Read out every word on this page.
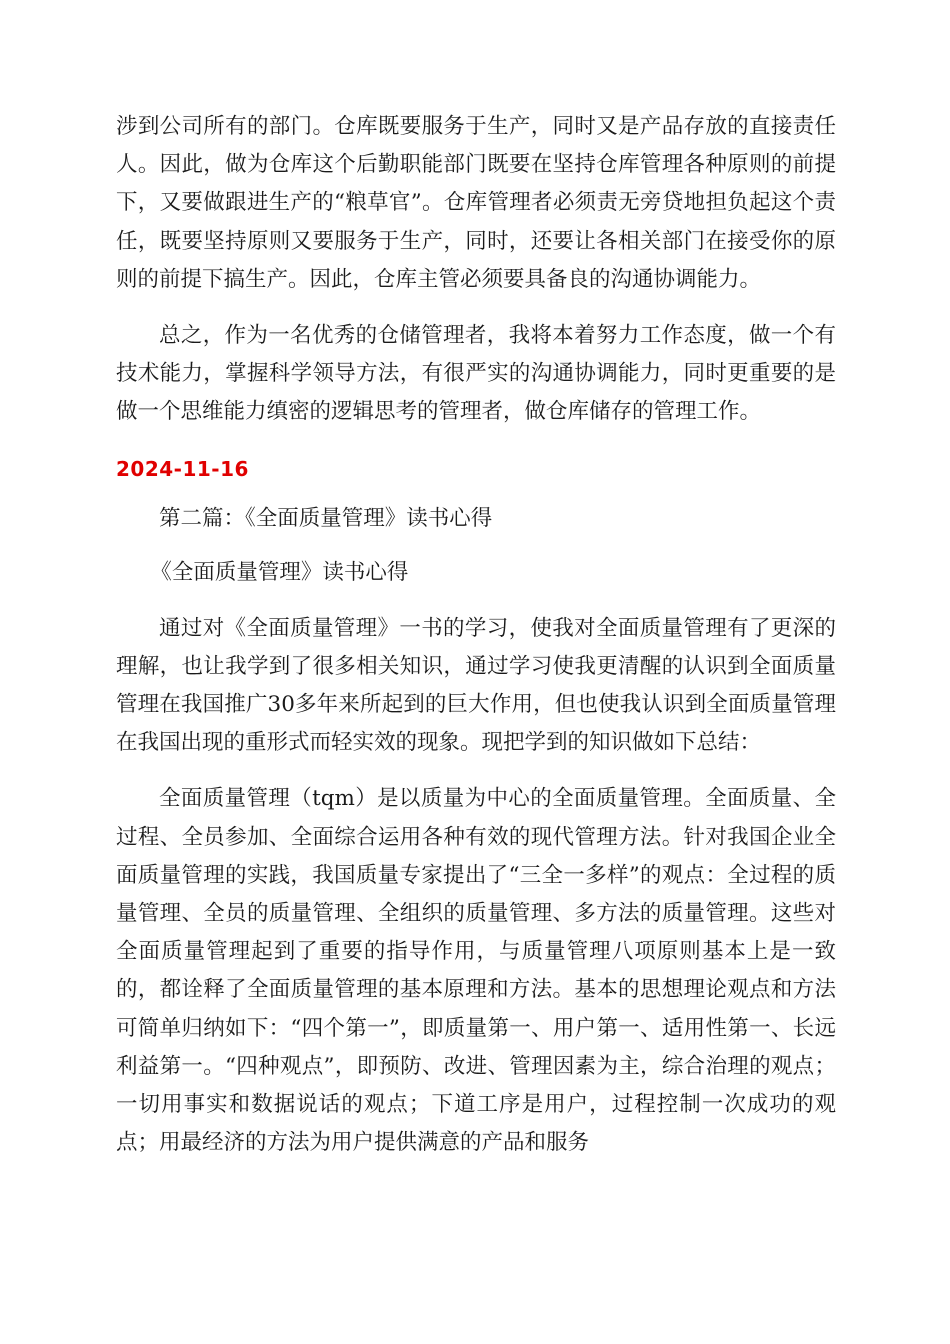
涉到公司所有的部门。仓库既要服务于生产，同时又是产品存放的直接责任人。因此，做为仓库这个后勤职能部门既要在坚持仓库管理各种原则的前提下，又要做跟进生产的“粮草官”。仓库管理者必须责无旁贷地担负起这个责任，既要坚持原则又要服务于生产，同时，还要让各相关部门在接受你的原则的前提下搞生产。因此，仓库主管必须要具备良的沟通协调能力。

总之，作为一名优秀的仓储管理者，我将本着努力工作态度，做一个有技术能力，掌握科学领导方法，有很严实的沟通协调能力，同时更重要的是做一个思维能力缜密的逻辑思考的管理者，做仓库储存的管理工作。

2024-11-16

第二篇：《全面质量管理》读书心得

《全面质量管理》读书心得

通过对《全面质量管理》一书的学习，使我对全面质量管理有了更深的理解，也让我学到了很多相关知识，通过学习使我更清醒的认识到全面质量管理在我国推广30多年来所起到的巨大作用，但也使我认识到全面质量管理在我国出现的重形式而轻实效的现象。现把学到的知识做如下总结：

全面质量管理（tqm）是以质量为中心的全面质量管理。全面质量、全过程、全员参加、全面综合运用各种有效的现代管理方法。针对我国企业全面质量管理的实践，我国质量专家提出了“三全一多样”的观点：全过程的质量管理、全员的质量管理、全组织的质量管理、多方法的质量管理。这些对全面质量管理起到了重要的指导作用，与质量管理八项原则基本上是一致的，都诠释了全面质量管理的基本原理和方法。基本的思想理论观点和方法可简单归纳如下：“四个第一”，即质量第一、用户第一、适用性第一、长远利益第一。“四种观点”，即预防、改进、管理因素为主，综合治理的观点；一切用事实和数据说话的观点；下道工序是用户，过程控制一次成功的观点；用最经济的方法为用户提供满意的产品和服务
